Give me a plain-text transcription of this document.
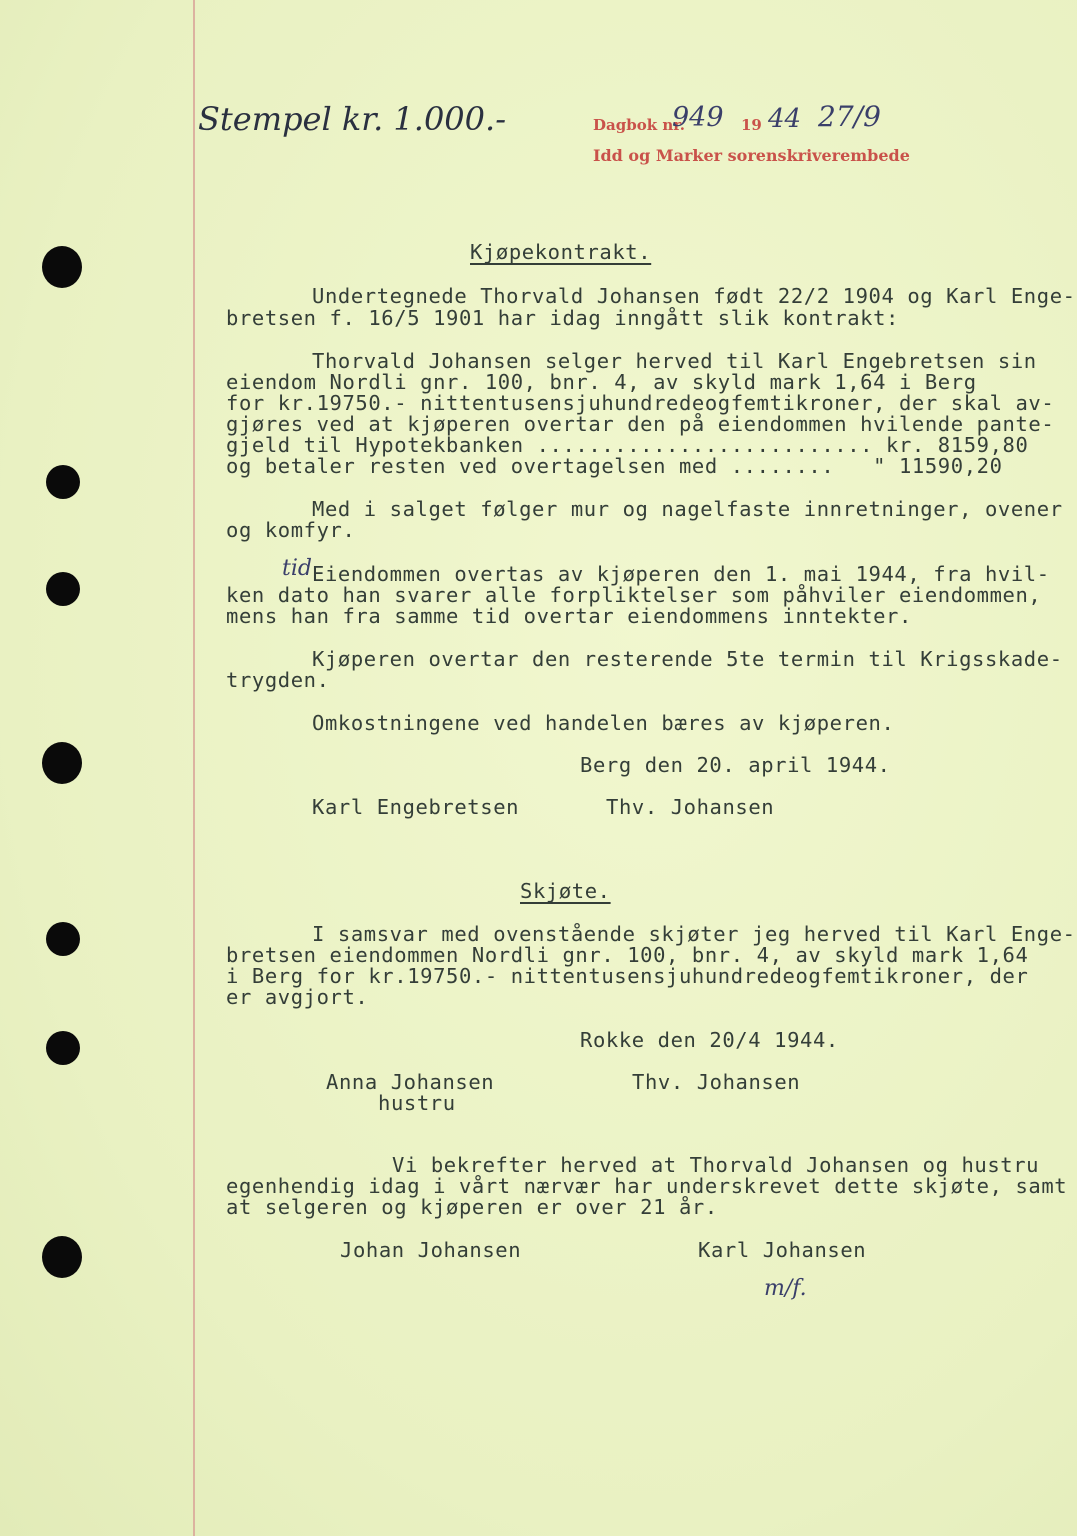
Stempel kr. 1.000.-	Dagbok nr.
949 19 44 27/9
Idd og Marker sorenskriverembede
Kjøpekontrakt.
Undertegnede Thorvald Johansen født 22/2 1904 og Karl Enge-
bretsen f. 16/5 1901 har idag inngått slik kontrakt:
Thorvald Johansen selger herved til Karl Engebretsen sin
eiendom Nordli gnr. 100, bnr. 4, av skyld mark 1,64 i Berg
for kr.19750.- nittentusensjuhundredeogfemtikroner, der skal av-
gjøres ved at kjøperen overtar den på eiendommen hvilende pante-
gjeld til Hypotekbanken .......................... kr. 8159,80
og betaler resten ved overtagelsen med ........   " 11590,20
Med i salget følger mur og nagelfaste innretninger, ovener
og komfyr.
tid Eiendommen overtas av kjøperen den 1. mai 1944, fra hvil-
ken dato han svarer alle forpliktelser som påhviler eiendommen,
mens han fra samme tid overtar eiendommens inntekter.
Kjøperen overtar den resterende 5te termin til Krigsskade-
trygden.
Omkostningene ved handelen bæres av kjøperen.
Berg den 20. april 1944.
Karl Engebretsen	Thv. Johansen
Skjøte.
I samsvar med ovenstående skjøter jeg herved til Karl Enge-
bretsen eiendommen Nordli gnr. 100, bnr. 4, av skyld mark 1,64
i Berg for kr.19750.- nittentusensjuhundredeogfemtikroner, der
er avgjort.
Rokke den 20/4 1944.
Anna Johansen
hustru
Thv. Johansen
Vi bekrefter herved at Thorvald Johansen og hustru
egenhendig idag i vårt nærvær har underskrevet dette skjøte, samt
at selgeren og kjøperen er over 21 år.
Johan Johansen	Karl Johansen
m/f.
